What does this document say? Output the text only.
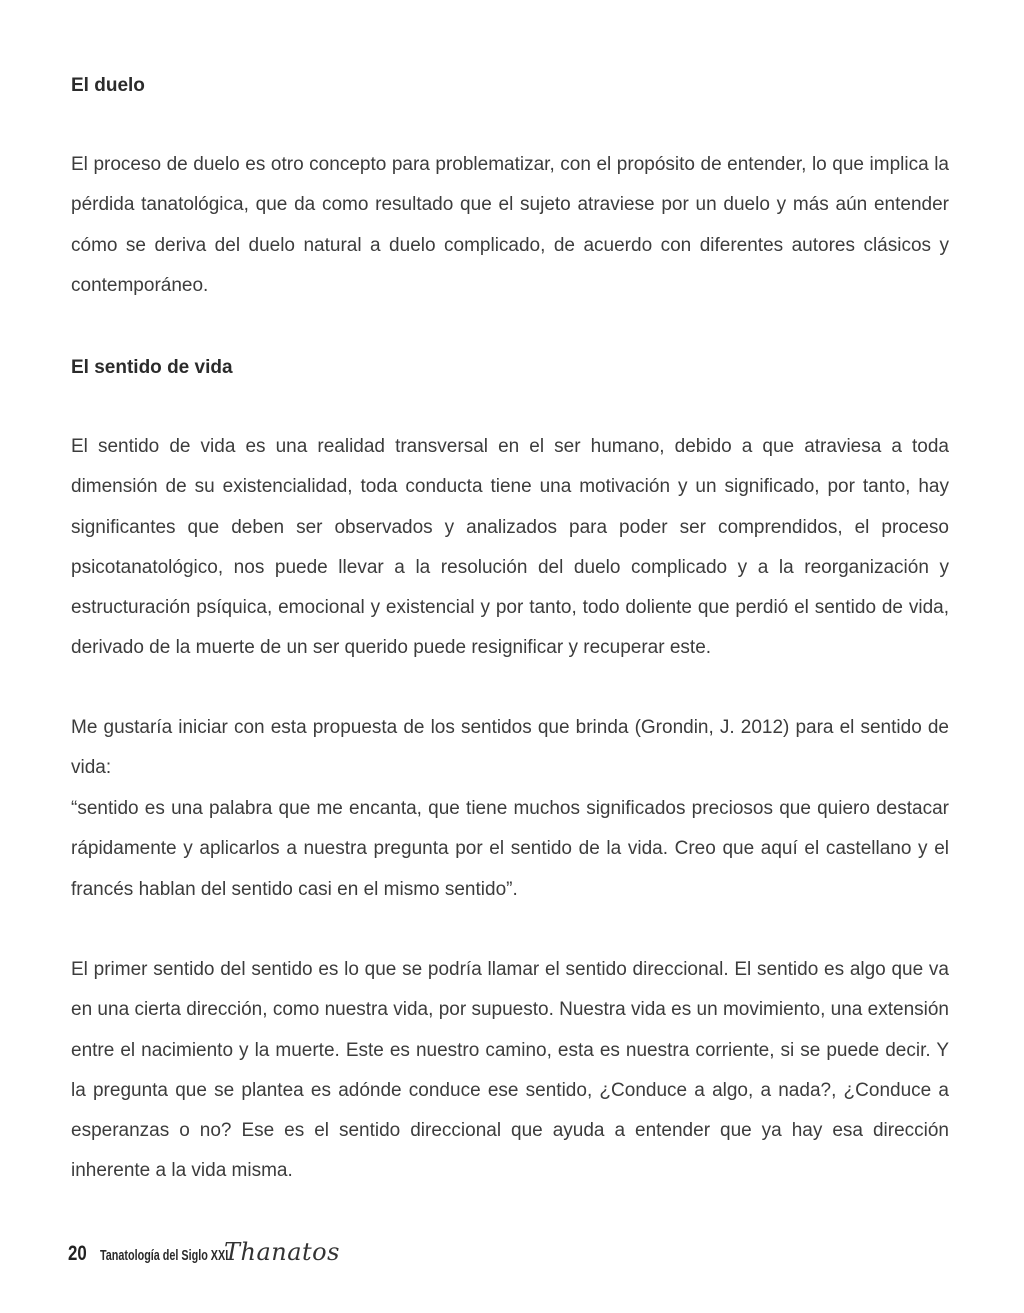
El duelo

El proceso de duelo es otro concepto para problematizar, con el propósito de entender, lo que implica la pérdida tanatológica, que da como resultado que el sujeto atraviese por un duelo y más aún entender cómo se deriva del duelo natural a duelo complicado, de acuerdo con diferentes autores clásicos y contemporáneo.

El sentido de vida

El sentido de vida es una realidad transversal en el ser humano, debido a que atraviesa a toda dimensión de su existencialidad, toda conducta tiene una motivación y un significado, por tanto, hay significantes que deben ser observados y analizados para poder ser comprendidos, el proceso psicotanatológico, nos puede llevar a la resolución del duelo complicado y a la reorganización y estructuración psíquica, emocional y existencial y por tanto, todo doliente que perdió el sentido de vida, derivado de la muerte de un ser querido puede resignificar y recuperar este.

Me gustaría iniciar con esta propuesta de los sentidos que brinda (Grondin, J. 2012) para el sentido de vida:

“sentido es una palabra que me encanta, que tiene muchos significados preciosos que quiero destacar rápidamente y aplicarlos a nuestra pregunta por el sentido de la vida. Creo que aquí el castellano y el francés hablan del sentido casi en el mismo sentido”.

El primer sentido del sentido es lo que se podría llamar el sentido direccional. El sentido es algo que va en una cierta dirección, como nuestra vida, por supuesto. Nuestra vida es un movimiento, una extensión entre el nacimiento y la muerte. Este es nuestro camino, esta es nuestra corriente, si se puede decir. Y la pregunta que se plantea es adónde conduce ese sentido, ¿Conduce a algo, a nada?, ¿Conduce a esperanzas o no? Ese es el sentido direccional que ayuda a entender que ya hay esa dirección inherente a la vida misma.

20 Tanatología del Siglo XXI
Thanatos
